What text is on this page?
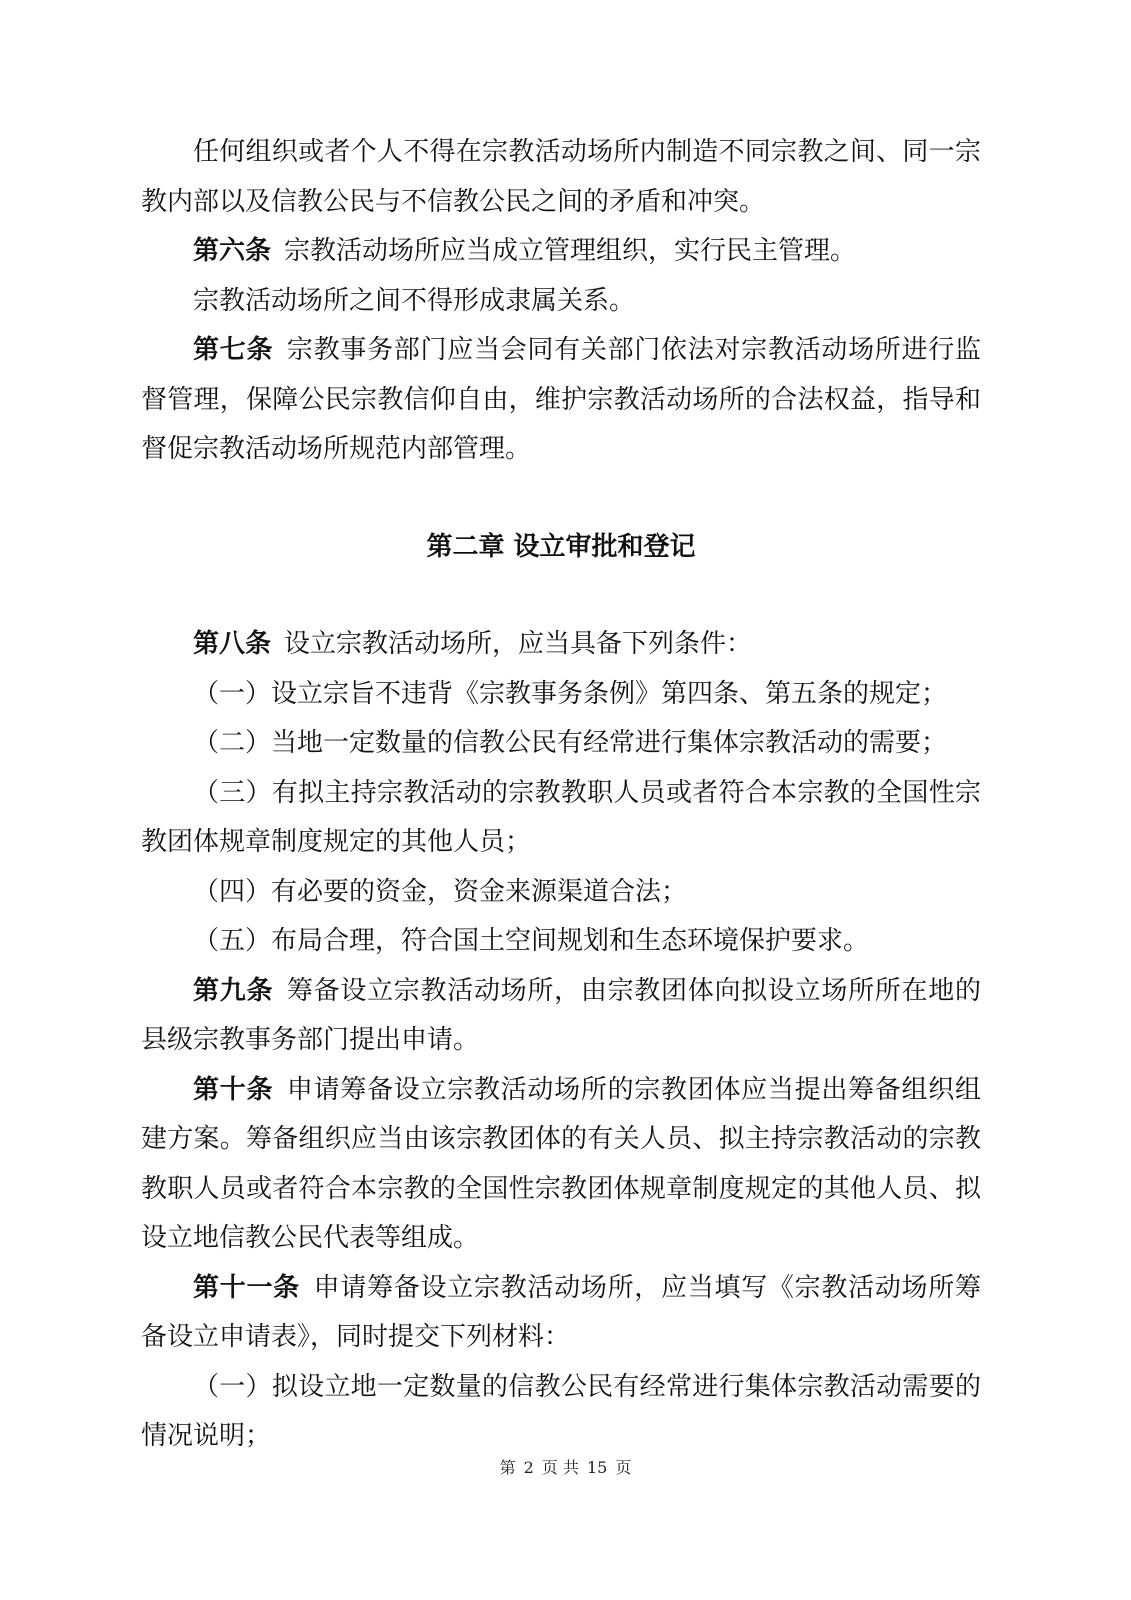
任何组织或者个人不得在宗教活动场所内制造不同宗教之间、同一宗教内部以及信教公民与不信教公民之间的矛盾和冲突。

第六条  宗教活动场所应当成立管理组织，实行民主管理。

宗教活动场所之间不得形成隶属关系。

第七条  宗教事务部门应当会同有关部门依法对宗教活动场所进行监督管理，保障公民宗教信仰自由，维护宗教活动场所的合法权益，指导和督促宗教活动场所规范内部管理。

第二章 设立审批和登记

第八条  设立宗教活动场所，应当具备下列条件：

（一）设立宗旨不违背《宗教事务条例》第四条、第五条的规定；

（二）当地一定数量的信教公民有经常进行集体宗教活动的需要；

（三）有拟主持宗教活动的宗教教职人员或者符合本宗教的全国性宗教团体规章制度规定的其他人员；

（四）有必要的资金，资金来源渠道合法；

（五）布局合理，符合国土空间规划和生态环境保护要求。

第九条  筹备设立宗教活动场所，由宗教团体向拟设立场所所在地的县级宗教事务部门提出申请。

第十条  申请筹备设立宗教活动场所的宗教团体应当提出筹备组织组建方案。筹备组织应当由该宗教团体的有关人员、拟主持宗教活动的宗教教职人员或者符合本宗教的全国性宗教团体规章制度规定的其他人员、拟设立地信教公民代表等组成。

第十一条  申请筹备设立宗教活动场所，应当填写《宗教活动场所筹备设立申请表》，同时提交下列材料：

（一）拟设立地一定数量的信教公民有经常进行集体宗教活动需要的情况说明；

第 2 页 共 15 页
